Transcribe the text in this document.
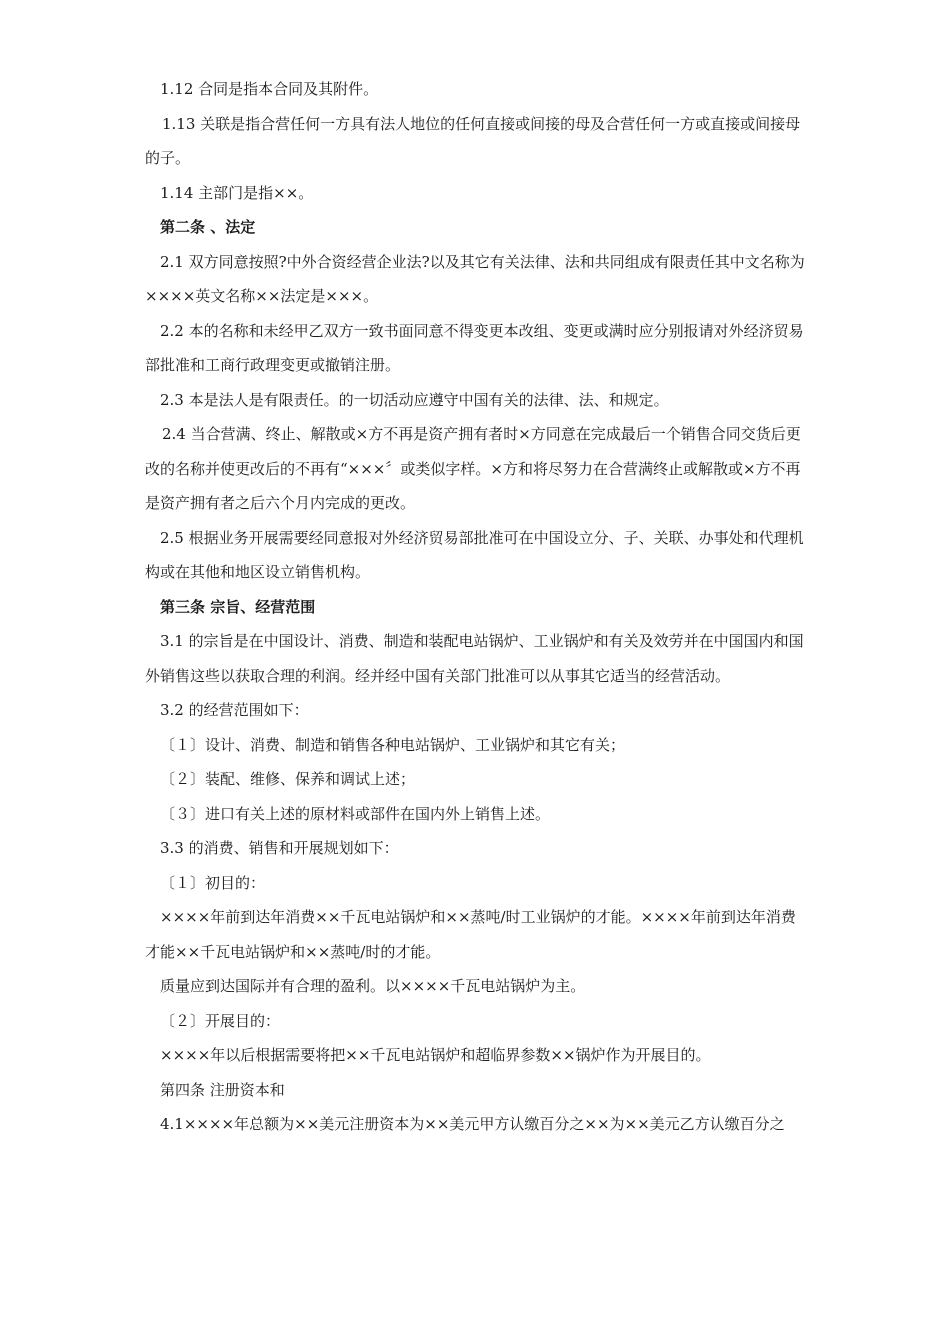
1.12 合同是指本合同及其附件。

1.13 关联是指合营任何一方具有法人地位的任何直接或间接的母及合营任何一方或直接或间接母的子。

1.14 主部门是指××。

第二条 、法定

2.1 双方同意按照?中外合资经营企业法?以及其它有关法律、法和共同组成有限责任其中文名称为××××英文名称××法定是×××。

2.2 本的名称和未经甲乙双方一致书面同意不得变更本改组、变更或满时应分别报请对外经济贸易部批准和工商行政理变更或撤销注册。

2.3 本是法人是有限责任。的一切活动应遵守中国有关的法律、法、和规定。

2.4 当合营满、终止、解散或×方不再是资产拥有者时×方同意在完成最后一个销售合同交货后更改的名称并使更改后的不再有“×××〞或类似字样。×方和将尽努力在合营满终止或解散或×方不再是资产拥有者之后六个月内完成的更改。

2.5 根据业务开展需要经同意报对外经济贸易部批准可在中国设立分、子、关联、办事处和代理机构或在其他和地区设立销售机构。

第三条 宗旨、经营范围

3.1 的宗旨是在中国设计、消费、制造和装配电站锅炉、工业锅炉和有关及效劳并在中国国内和国外销售这些以获取合理的利润。经并经中国有关部门批准可以从事其它适当的经营活动。

3.2 的经营范围如下：

〔１〕设计、消费、制造和销售各种电站锅炉、工业锅炉和其它有关；

〔２〕装配、维修、保养和调试上述；

〔３〕进口有关上述的原材料或部件在国内外上销售上述。

3.3 的消费、销售和开展规划如下：

〔１〕初目的：

××××年前到达年消费××千瓦电站锅炉和××蒸吨/时工业锅炉的才能。××××年前到达年消费才能××千瓦电站锅炉和××蒸吨/时的才能。

质量应到达国际并有合理的盈利。以××××千瓦电站锅炉为主。

〔２〕开展目的：

××××年以后根据需要将把××千瓦电站锅炉和超临界参数××锅炉作为开展目的。

第四条 注册资本和

4.1××××年总额为××美元注册资本为××美元甲方认缴百分之××为××美元乙方认缴百分之
